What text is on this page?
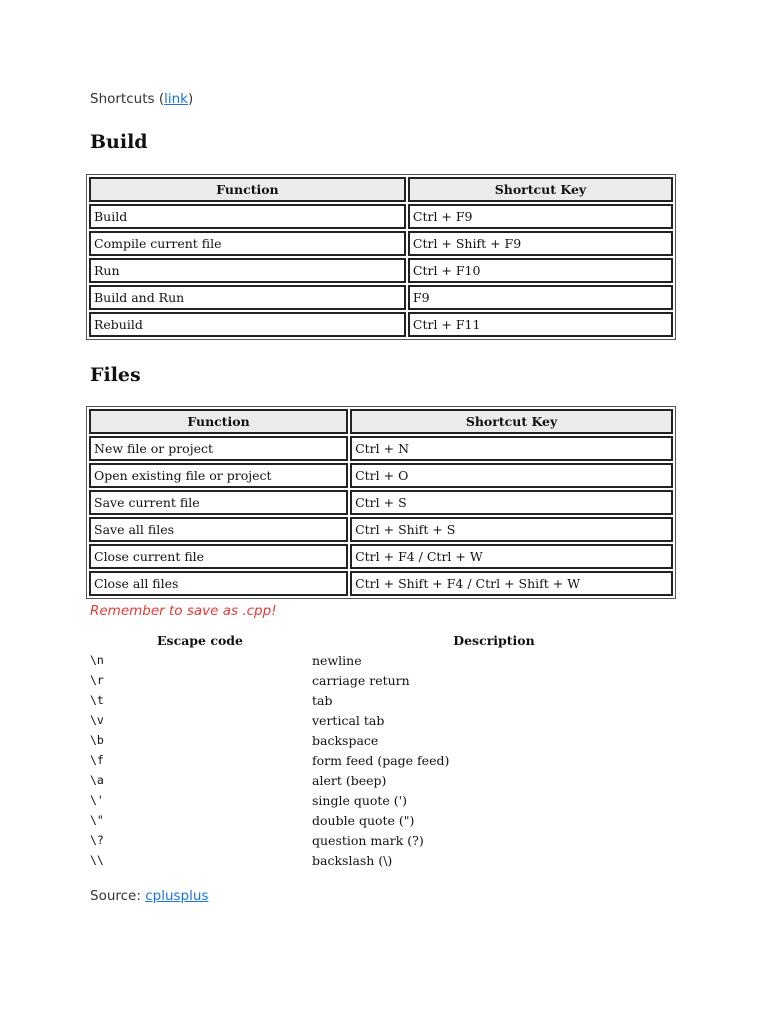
Shortcuts (link)
Build
Function	Shortcut Key
Build	Ctrl + F9
Compile current file	Ctrl + Shift + F9
Run	Ctrl + F10
Build and Run	F9
Rebuild	Ctrl + F11
Files
Function	Shortcut Key
New file or project	Ctrl + N
Open existing file or project	Ctrl + O
Save current file	Ctrl + S
Save all files	Ctrl + Shift + S
Close current file	Ctrl + F4 / Ctrl + W
Close all files	Ctrl + Shift + F4 / Ctrl + Shift + W
Remember to save as .cpp!
Escape code	Description
\n	newline
\r	carriage return
\t	tab
\v	vertical tab
\b	backspace
\f	form feed (page feed)
\a	alert (beep)
\'	single quote (')
\"	double quote (")
\?	question mark (?)
\\	backslash (\)
Source: cplusplus
